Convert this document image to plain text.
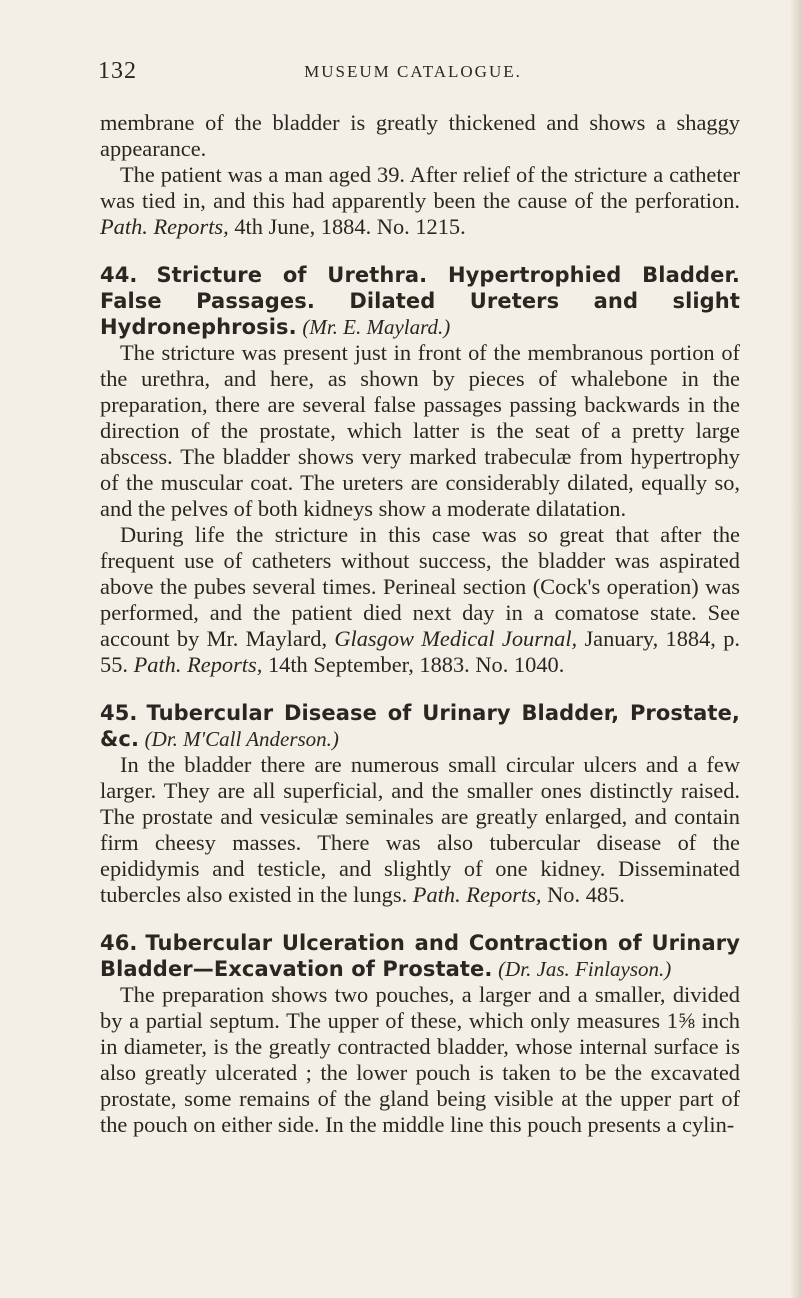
132	MUSEUM CATALOGUE.

membrane of the bladder is greatly thickened and shows a shaggy appearance.

The patient was a man aged 39. After relief of the stricture a catheter was tied in, and this had apparently been the cause of the perforation. Path. Reports, 4th June, 1884. No. 1215.

44. Stricture of Urethra. Hypertrophied Bladder. False Passages. Dilated Ureters and slight Hydronephrosis. (Mr. E. Maylard.)

The stricture was present just in front of the membranous portion of the urethra, and here, as shown by pieces of whalebone in the preparation, there are several false passages passing backwards in the direction of the prostate, which latter is the seat of a pretty large abscess. The bladder shows very marked trabeculæ from hypertrophy of the muscular coat. The ureters are considerably dilated, equally so, and the pelves of both kidneys show a moderate dilatation.

During life the stricture in this case was so great that after the frequent use of catheters without success, the bladder was aspirated above the pubes several times. Perineal section (Cock's operation) was performed, and the patient died next day in a comatose state. See account by Mr. Maylard, Glasgow Medical Journal, January, 1884, p. 55. Path. Reports, 14th September, 1883. No. 1040.

45. Tubercular Disease of Urinary Bladder, Prostate, &c. (Dr. M'Call Anderson.)

In the bladder there are numerous small circular ulcers and a few larger. They are all superficial, and the smaller ones distinctly raised. The prostate and vesiculæ seminales are greatly enlarged, and contain firm cheesy masses. There was also tubercular disease of the epididymis and testicle, and slightly of one kidney. Disseminated tubercles also existed in the lungs. Path. Reports, No. 485.

46. Tubercular Ulceration and Contraction of Urinary Bladder—Excavation of Prostate. (Dr. Jas. Finlayson.)

The preparation shows two pouches, a larger and a smaller, divided by a partial septum. The upper of these, which only measures 1⅝ inch in diameter, is the greatly contracted bladder, whose internal surface is also greatly ulcerated ; the lower pouch is taken to be the excavated prostate, some remains of the gland being visible at the upper part of the pouch on either side. In the middle line this pouch presents a cylin-
